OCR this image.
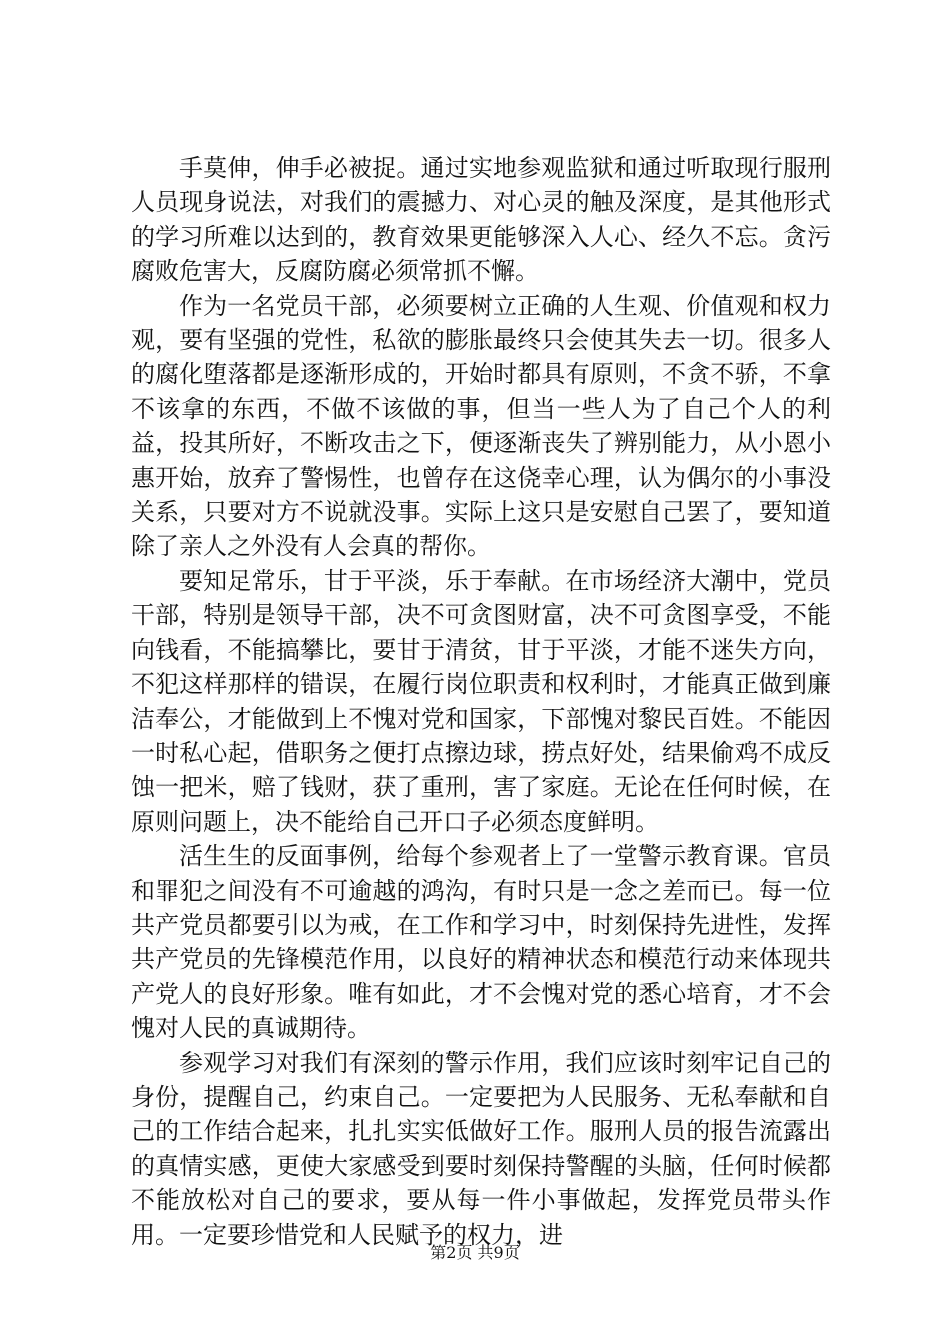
手莫伸，伸手必被捉。通过实地参观监狱和通过听取现行服刑人员现身说法，对我们的震撼力、对心灵的触及深度，是其他形式的学习所难以达到的，教育效果更能够深入人心、经久不忘。贪污腐败危害大，反腐防腐必须常抓不懈。

作为一名党员干部，必须要树立正确的人生观、价值观和权力观，要有坚强的党性，私欲的膨胀最终只会使其失去一切。很多人的腐化堕落都是逐渐形成的，开始时都具有原则，不贪不骄，不拿不该拿的东西，不做不该做的事，但当一些人为了自己个人的利益，投其所好，不断攻击之下，便逐渐丧失了辨别能力，从小恩小惠开始，放弃了警惕性，也曾存在这侥幸心理，认为偶尔的小事没关系，只要对方不说就没事。实际上这只是安慰自己罢了，要知道除了亲人之外没有人会真的帮你。

要知足常乐，甘于平淡，乐于奉献。在市场经济大潮中，党员干部，特别是领导干部，决不可贪图财富，决不可贪图享受，不能向钱看，不能搞攀比，要甘于清贫，甘于平淡，才能不迷失方向，不犯这样那样的错误，在履行岗位职责和权利时，才能真正做到廉洁奉公，才能做到上不愧对党和国家，下部愧对黎民百姓。不能因一时私心起，借职务之便打点擦边球，捞点好处，结果偷鸡不成反蚀一把米，赔了钱财，获了重刑，害了家庭。无论在任何时候，在原则问题上，决不能给自己开口子必须态度鲜明。

活生生的反面事例，给每个参观者上了一堂警示教育课。官员和罪犯之间没有不可逾越的鸿沟，有时只是一念之差而已。每一位共产党员都要引以为戒，在工作和学习中，时刻保持先进性，发挥共产党员的先锋模范作用，以良好的精神状态和模范行动来体现共产党人的良好形象。唯有如此，才不会愧对党的悉心培育，才不会愧对人民的真诚期待。

参观学习对我们有深刻的警示作用，我们应该时刻牢记自己的身份，提醒自己，约束自己。一定要把为人民服务、无私奉献和自己的工作结合起来，扎扎实实低做好工作。服刑人员的报告流露出的真情实感，更使大家感受到要时刻保持警醒的头脑，任何时候都不能放松对自己的要求，要从每一件小事做起，发挥党员带头作用。一定要珍惜党和人民赋予的权力，进

第2页 共9页
